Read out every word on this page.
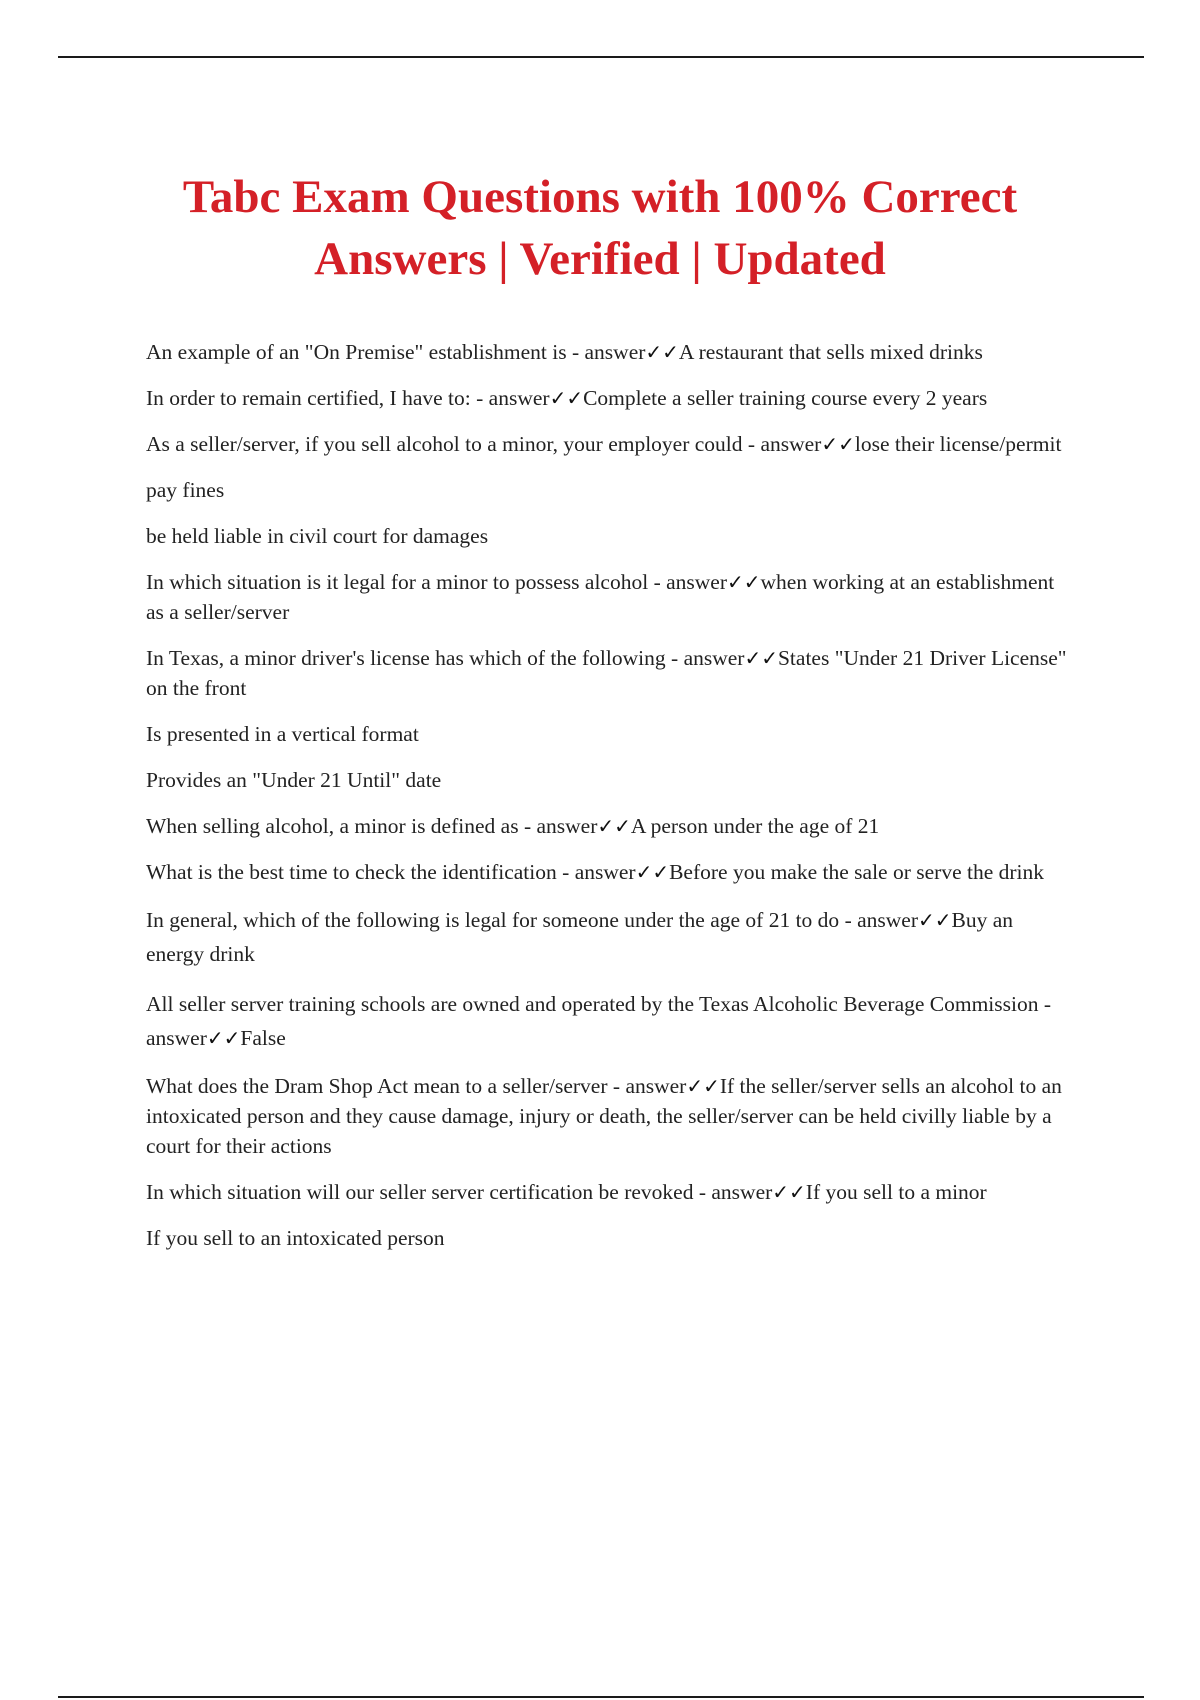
Tabc Exam Questions with 100% Correct Answers | Verified | Updated

An example of an "On Premise" establishment is - answer✓✓A restaurant that sells mixed drinks

In order to remain certified, I have to: - answer✓✓Complete a seller training course every 2 years

As a seller/server, if you sell alcohol to a minor, your employer could - answer✓✓lose their license/permit

pay fines

be held liable in civil court for damages

In which situation is it legal for a minor to possess alcohol - answer✓✓when working at an establishment as a seller/server

In Texas, a minor driver's license has which of the following - answer✓✓States "Under 21 Driver License" on the front

Is presented in a vertical format

Provides an "Under 21 Until" date

When selling alcohol, a minor is defined as - answer✓✓A person under the age of 21

What is the best time to check the identification - answer✓✓Before you make the sale or serve the drink

In general, which of the following is legal for someone under the age of 21 to do - answer✓✓Buy an energy drink

All seller server training schools are owned and operated by the Texas Alcoholic Beverage Commission - answer✓✓False

What does the Dram Shop Act mean to a seller/server - answer✓✓If the seller/server sells an alcohol to an intoxicated person and they cause damage, injury or death, the seller/server can be held civilly liable by a court for their actions

In which situation will our seller server certification be revoked - answer✓✓If you sell to a minor

If you sell to an intoxicated person
